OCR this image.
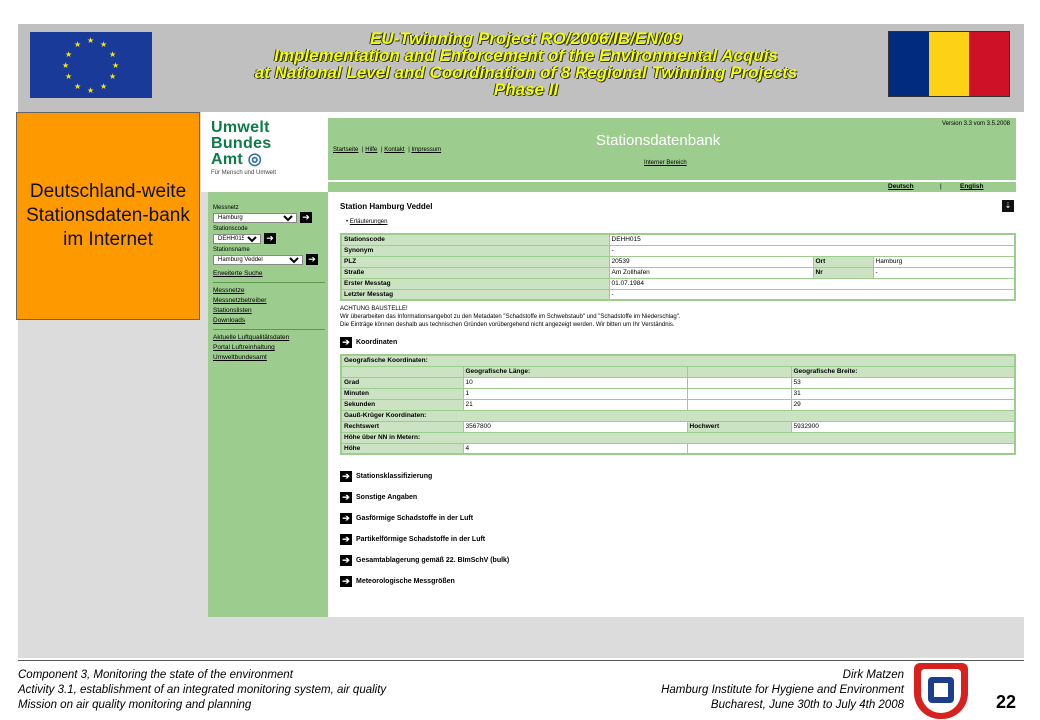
★ ★
★
★
★
★
★
★
★
★
★
★	EU-Twinning Project RO/2006/IB/EN/09
Implementation and Enforcement of the Environmental Acquis
at National Level and Coordination of 8 Regional Twinning Projects
Phase II
Deutschland-weite Stationsdaten-bank im Internet
Umwelt
Bundes
Amt ◎
Für Mensch und Umwelt
Messnetz
Hamburg
➔
Stationscode
DEHH015
➔
Stationsname
Hamburg Veddel
➔
Erweiterte Suche
Messnetze
Messnetzbetreiber
Stationslisten
Downloads
Aktuelle Luftqualitätsdaten
Portal Luftreinhaltung
Umweltbundesamt
Version 3.3 vom 3.5.2008
Stationsdatenbank
Startseite | Hilfe | Kontakt | Impressum
Interner Bereich
Deutsch	|	English
⇣
Station Hamburg Veddel
• Erläuterungen
Stationscode	DEHH015		
Synonym	-		
PLZ	20539	Ort	Hamburg
Straße	Am Zollhafen	Nr	-
Erster Messtag	01.07.1984		
Letzter Messtag	-		
ACHTUNG BAUSTELLE!
Wir überarbeiten das Informationsangebot zu den Metadaten "Schadstoffe im Schwebstaub" und "Schadstoffe im Niederschlag".
Die Einträge können deshalb aus technischen Gründen vorübergehend nicht angezeigt werden. Wir bitten um Ihr Verständnis.
➔ Koordinaten
Geografische Koordinaten:			
	Geografische Länge:		Geografische Breite:
Grad	10		53
Minuten	1		31
Sekunden	21		29
Gauß-Krüger Koordinaten:			
Rechtswert	3567800	Hochwert	5932900
Höhe über NN in Metern:			
Höhe	4		
➔ Stationsklassifizierung
➔ Sonstige Angaben
➔ Gasförmige Schadstoffe in der Luft
➔ Partikelförmige Schadstoffe in der Luft
➔ Gesamtablagerung gemäß 22. BImSchV (bulk)
➔ Meteorologische Messgrößen
Component 3, Monitoring the state of the environment
Activity 3.1, establishment of an integrated monitoring system, air quality
Mission on air quality monitoring and planning
Dirk Matzen
Hamburg Institute for Hygiene and Environment
Bucharest, June 30th to July 4th 2008	22
